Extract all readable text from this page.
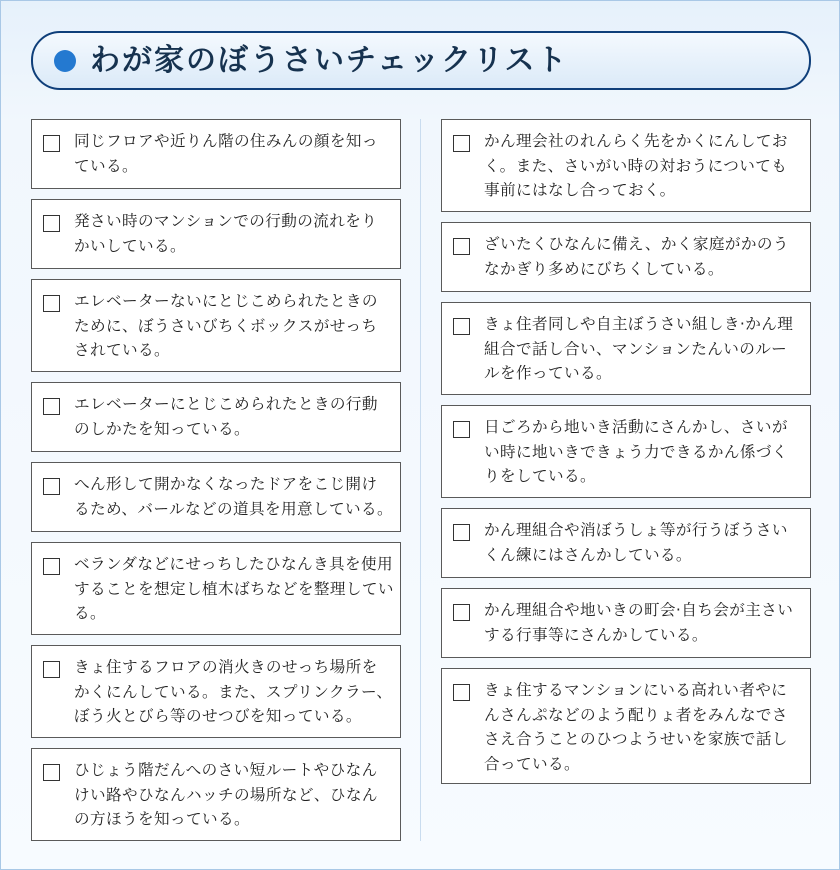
わが家のぼうさいチェックリスト
同じフロアや近りん階の住みんの顔を知っ
ている。
発さい時のマンションでの行動の流れをり
かいしている。
エレベーターないにとじこめられたときの
ために、ぼうさいびちくボックスがせっち
されている。
エレベーターにとじこめられたときの行動
のしかたを知っている。
へん形して開かなくなったドアをこじ開け
るため、バールなどの道具を用意している。
ベランダなどにせっちしたひなんき具を使用
することを想定し植木ばちなどを整理してい
る。
きょ住するフロアの消火きのせっち場所を
かくにんしている。また、スプリンクラー、
ぼう火とびら等のせつびを知っている。
ひじょう階だんへのさい短ルートやひなん
けい路やひなんハッチの場所など、ひなん
の方ほうを知っている。
かん理会社のれんらく先をかくにんしてお
く。また、さいがい時の対おうについても
事前にはなし合っておく。
ざいたくひなんに備え、かく家庭がかのう
なかぎり多めにびちくしている。
きょ住者同しや自主ぼうさい組しき·かん理
組合で話し合い、マンションたんいのルー
ルを作っている。
日ごろから地いき活動にさんかし、さいが
い時に地いきできょう力できるかん係づく
りをしている。
かん理組合や消ぼうしょ等が行うぼうさい
くん練にはさんかしている。
かん理組合や地いきの町会·自ち会が主さい
する行事等にさんかしている。
きょ住するマンションにいる高れい者やに
んさんぷなどのよう配りょ者をみんなでさ
さえ合うことのひつようせいを家族で話し
合っている。
